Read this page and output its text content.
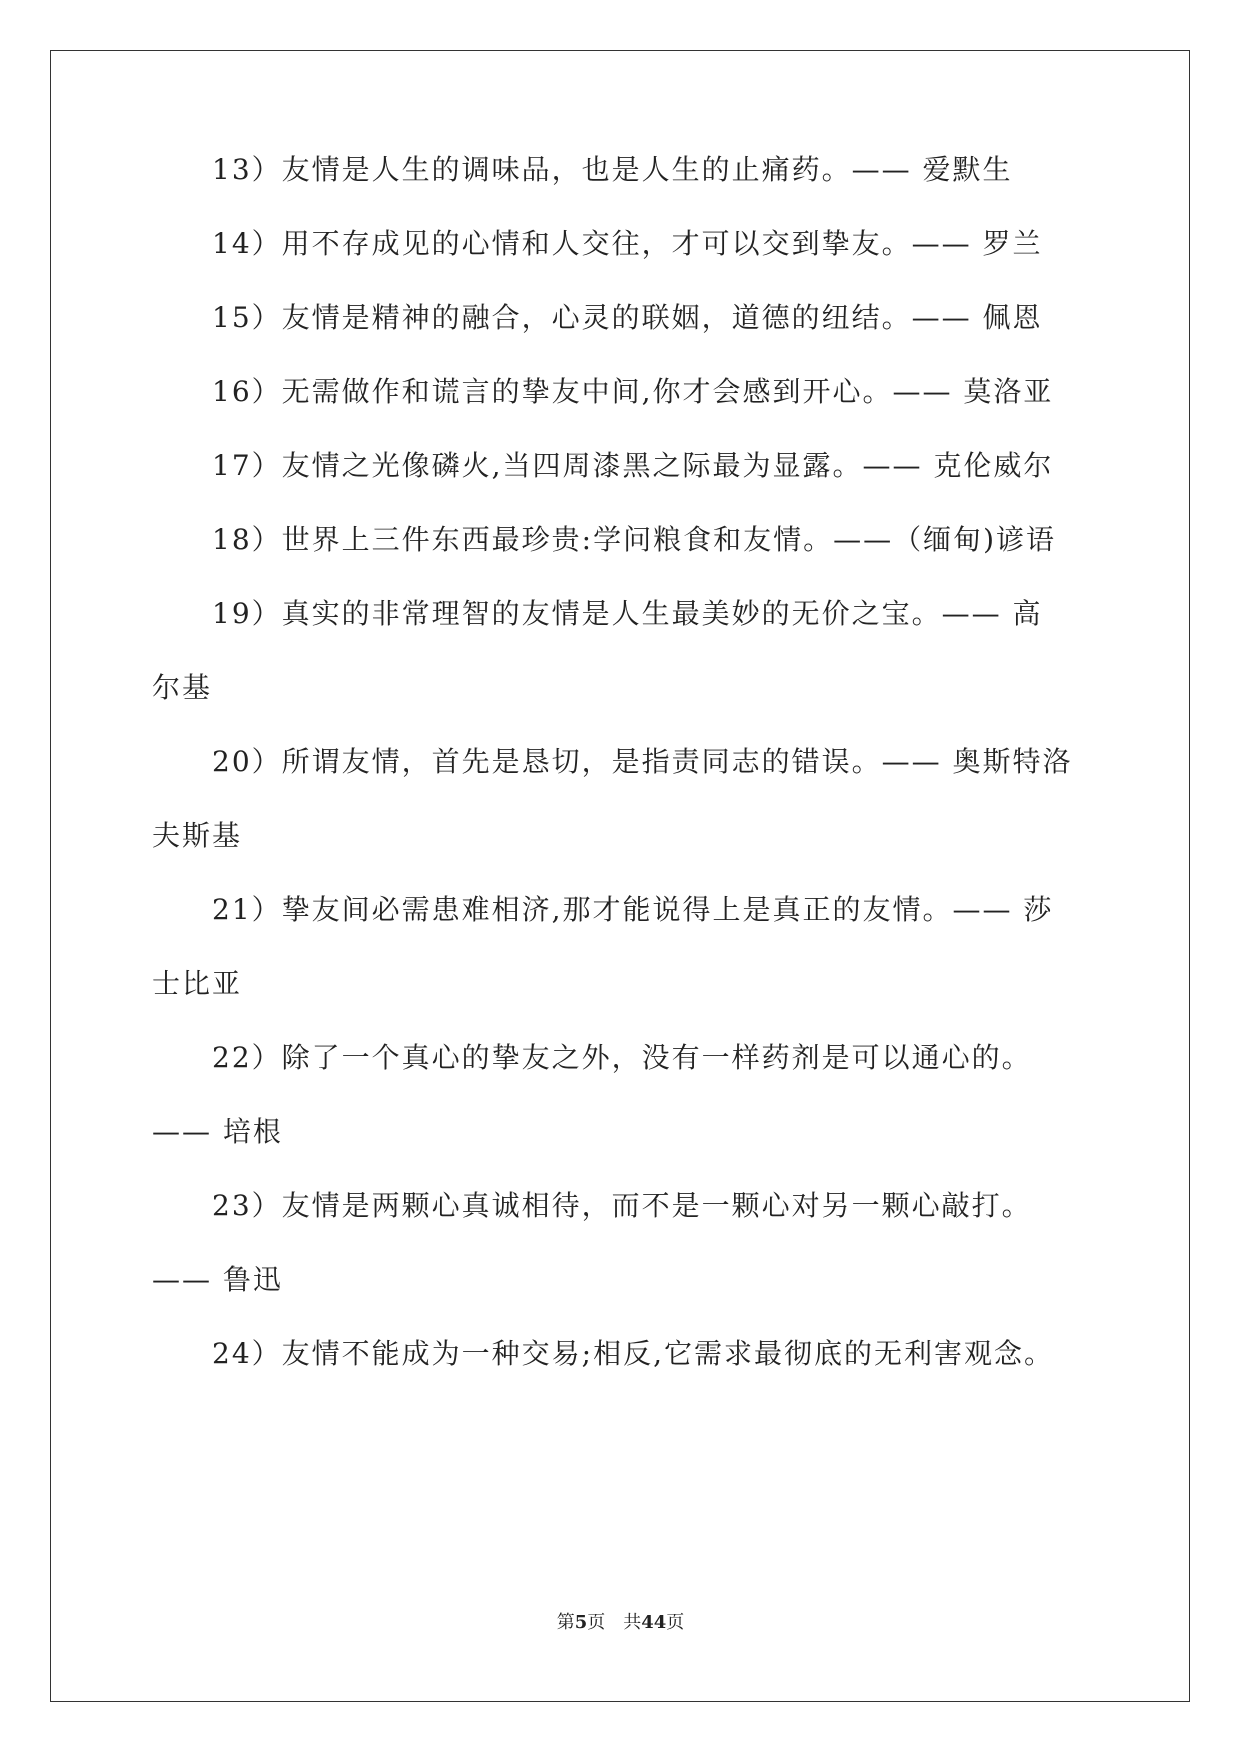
13）友情是人生的调味品，也是人生的止痛药。—— 爱默生
14）用不存成见的心情和人交往，才可以交到挚友。—— 罗兰
15）友情是精神的融合，心灵的联姻，道德的纽结。—— 佩恩
16）无需做作和谎言的挚友中间,你才会感到开心。—— 莫洛亚
17）友情之光像磷火,当四周漆黑之际最为显露。—— 克伦威尔
18）世界上三件东西最珍贵:学问粮食和友情。——（缅甸)谚语
19）真实的非常理智的友情是人生最美妙的无价之宝。—— 高
尔基
20）所谓友情，首先是恳切，是指责同志的错误。—— 奥斯特洛
夫斯基
21）挚友间必需患难相济,那才能说得上是真正的友情。—— 莎
士比亚
22）除了一个真心的挚友之外，没有一样药剂是可以通心的。
—— 培根
23）友情是两颗心真诚相待，而不是一颗心对另一颗心敲打。
—— 鲁迅
24）友情不能成为一种交易;相反,它需求最彻底的无利害观念。
第5页　共44页
